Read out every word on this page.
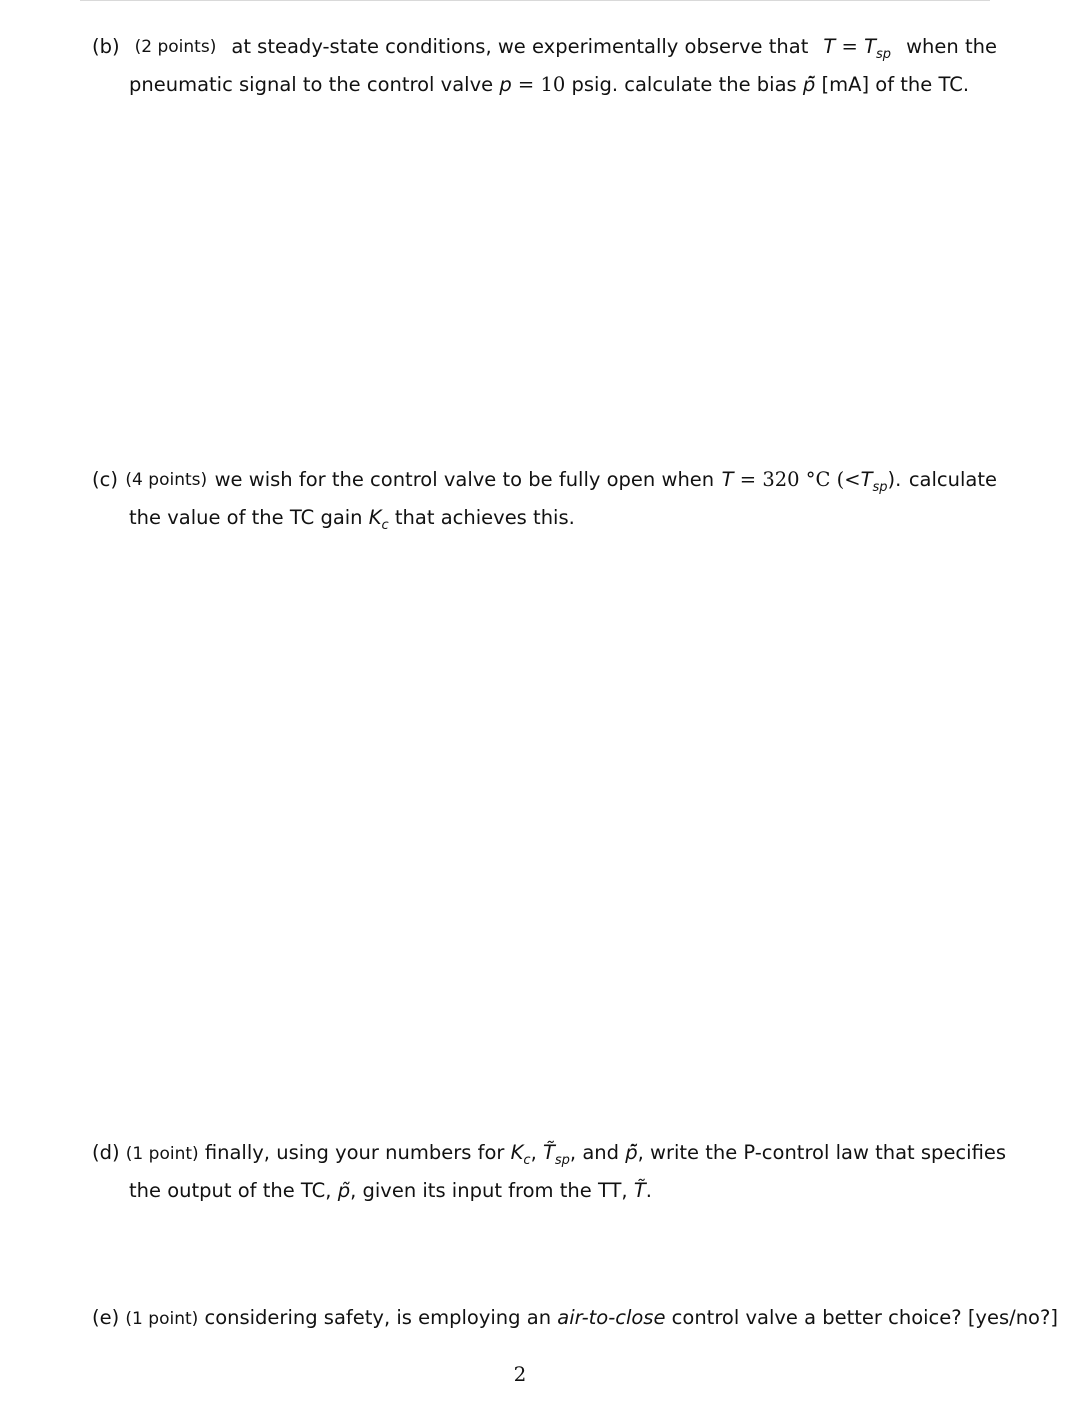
(b) (2 points) at steady-state conditions, we experimentally observe that $T = T_{sp}$ when the
pneumatic signal to the control valve p = 10 psig. calculate the bias p̃̄ [mA] of the TC.
(c) (4 points) we wish for the control valve to be fully open when T = 320 °C $(<T_{sp})$. calculate
the value of the TC gain $K_c$ that achieves this.
(d) (1 point) finally, using your numbers for $K_c$, $T̃_{sp}$, and p̃̄, write the P-control law that specifies
the output of the TC, p̃, given its input from the TT, T̃.
(e) (1 point) considering safety, is employing an air-to-close control valve a better choice? [yes/no?]
2
